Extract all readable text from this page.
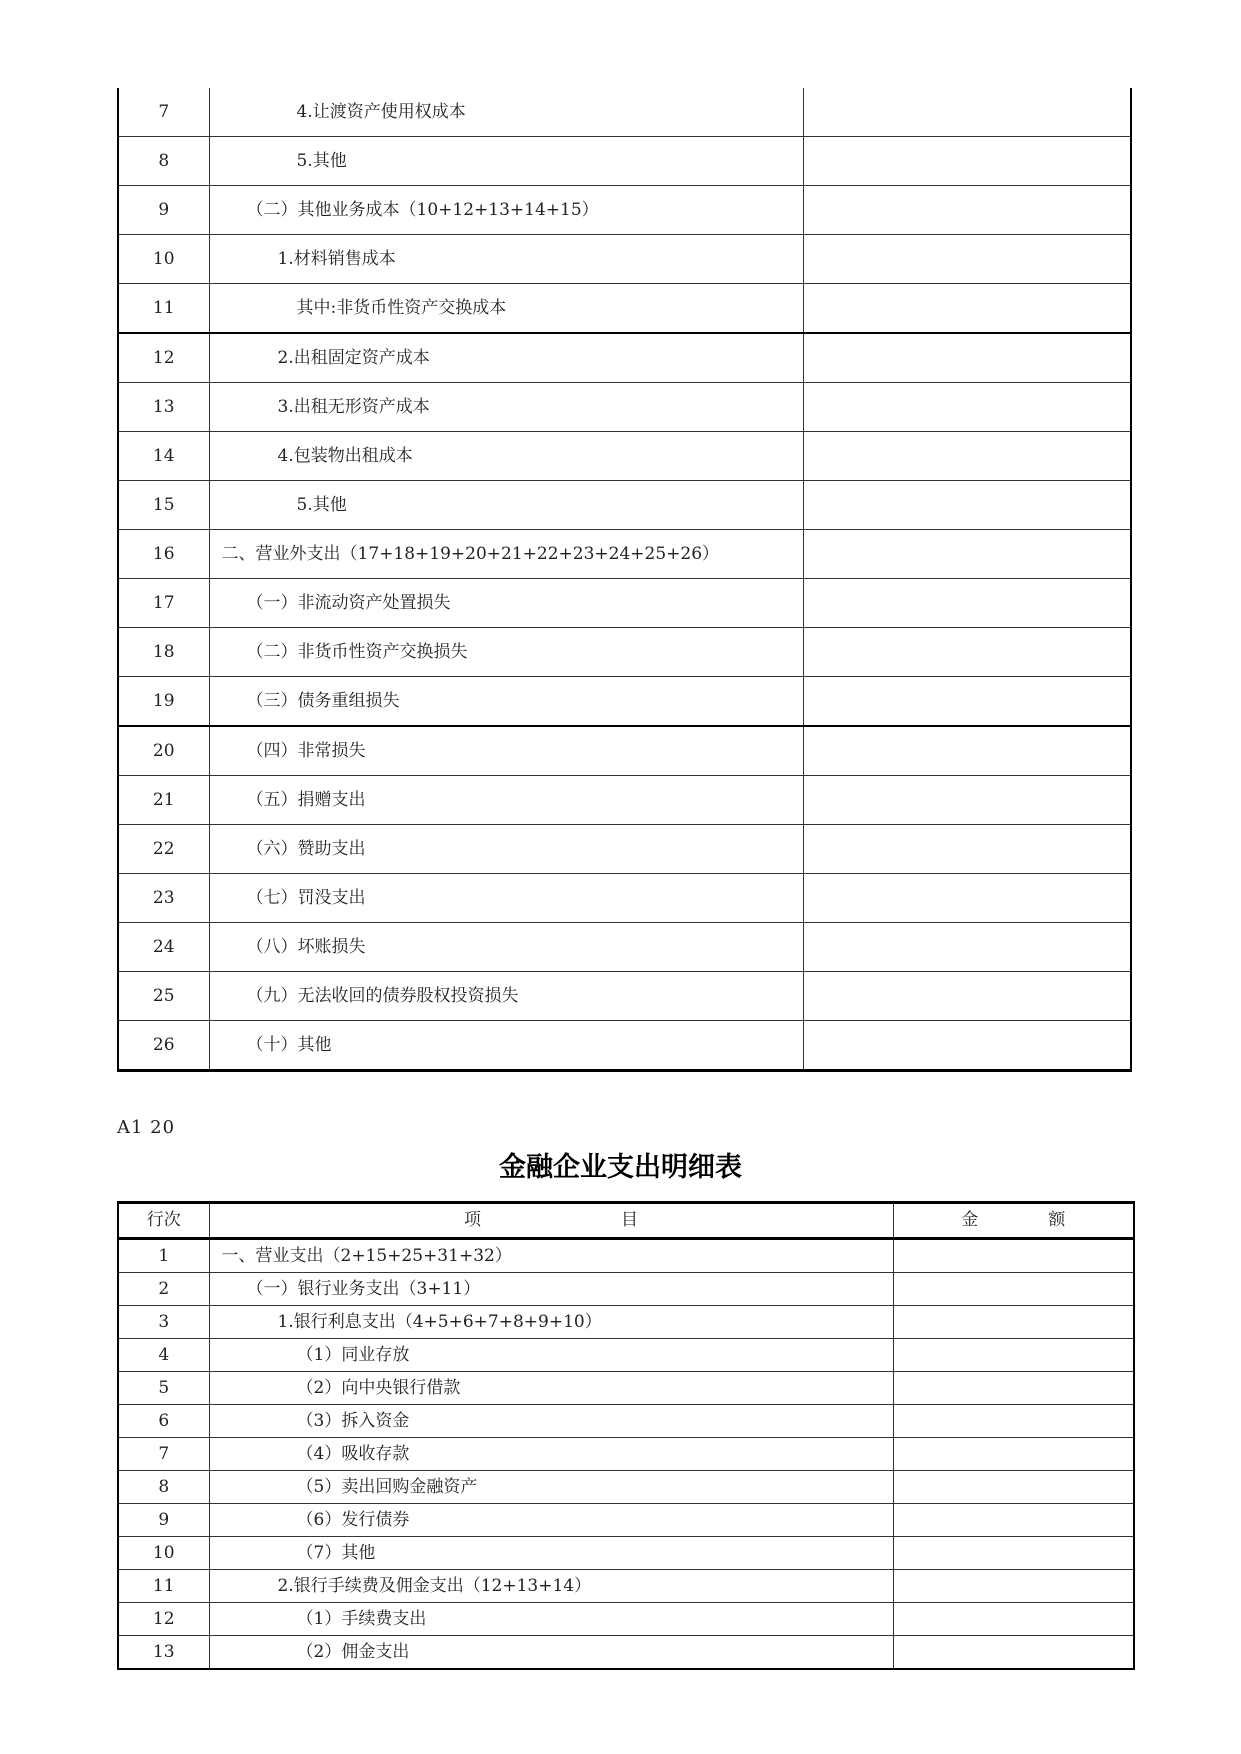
7	4.让渡资产使用权成本	
8	5.其他	
9	（二）其他业务成本（10+12+13+14+15）	
10	1.材料销售成本	
11	其中:非货币性资产交换成本	
12	2.出租固定资产成本	
13	3.出租无形资产成本	
14	4.包装物出租成本	
15	5.其他	
16	二、营业外支出（17+18+19+20+21+22+23+24+25+26）	
17	（一）非流动资产处置损失	
18	（二）非货币性资产交换损失	
19	（三）债务重组损失	
20	（四）非常损失	
21	（五）捐赠支出	
22	（六）赞助支出	
23	（七）罚没支出	
24	（八）坏账损失	
25	（九）无法收回的债券股权投资损失	
26	（十）其他	
A1 20
金融企业支出明细表
行次	项 目	金 额
1	一、营业支出（2+15+25+31+32）	
2	（一）银行业务支出（3+11）	
3	1.银行利息支出（4+5+6+7+8+9+10）	
4	（1）同业存放	
5	（2）向中央银行借款	
6	（3）拆入资金	
7	（4）吸收存款	
8	（5）卖出回购金融资产	
9	（6）发行债券	
10	（7）其他	
11	2.银行手续费及佣金支出（12+13+14）	
12	（1）手续费支出	
13	（2）佣金支出	
